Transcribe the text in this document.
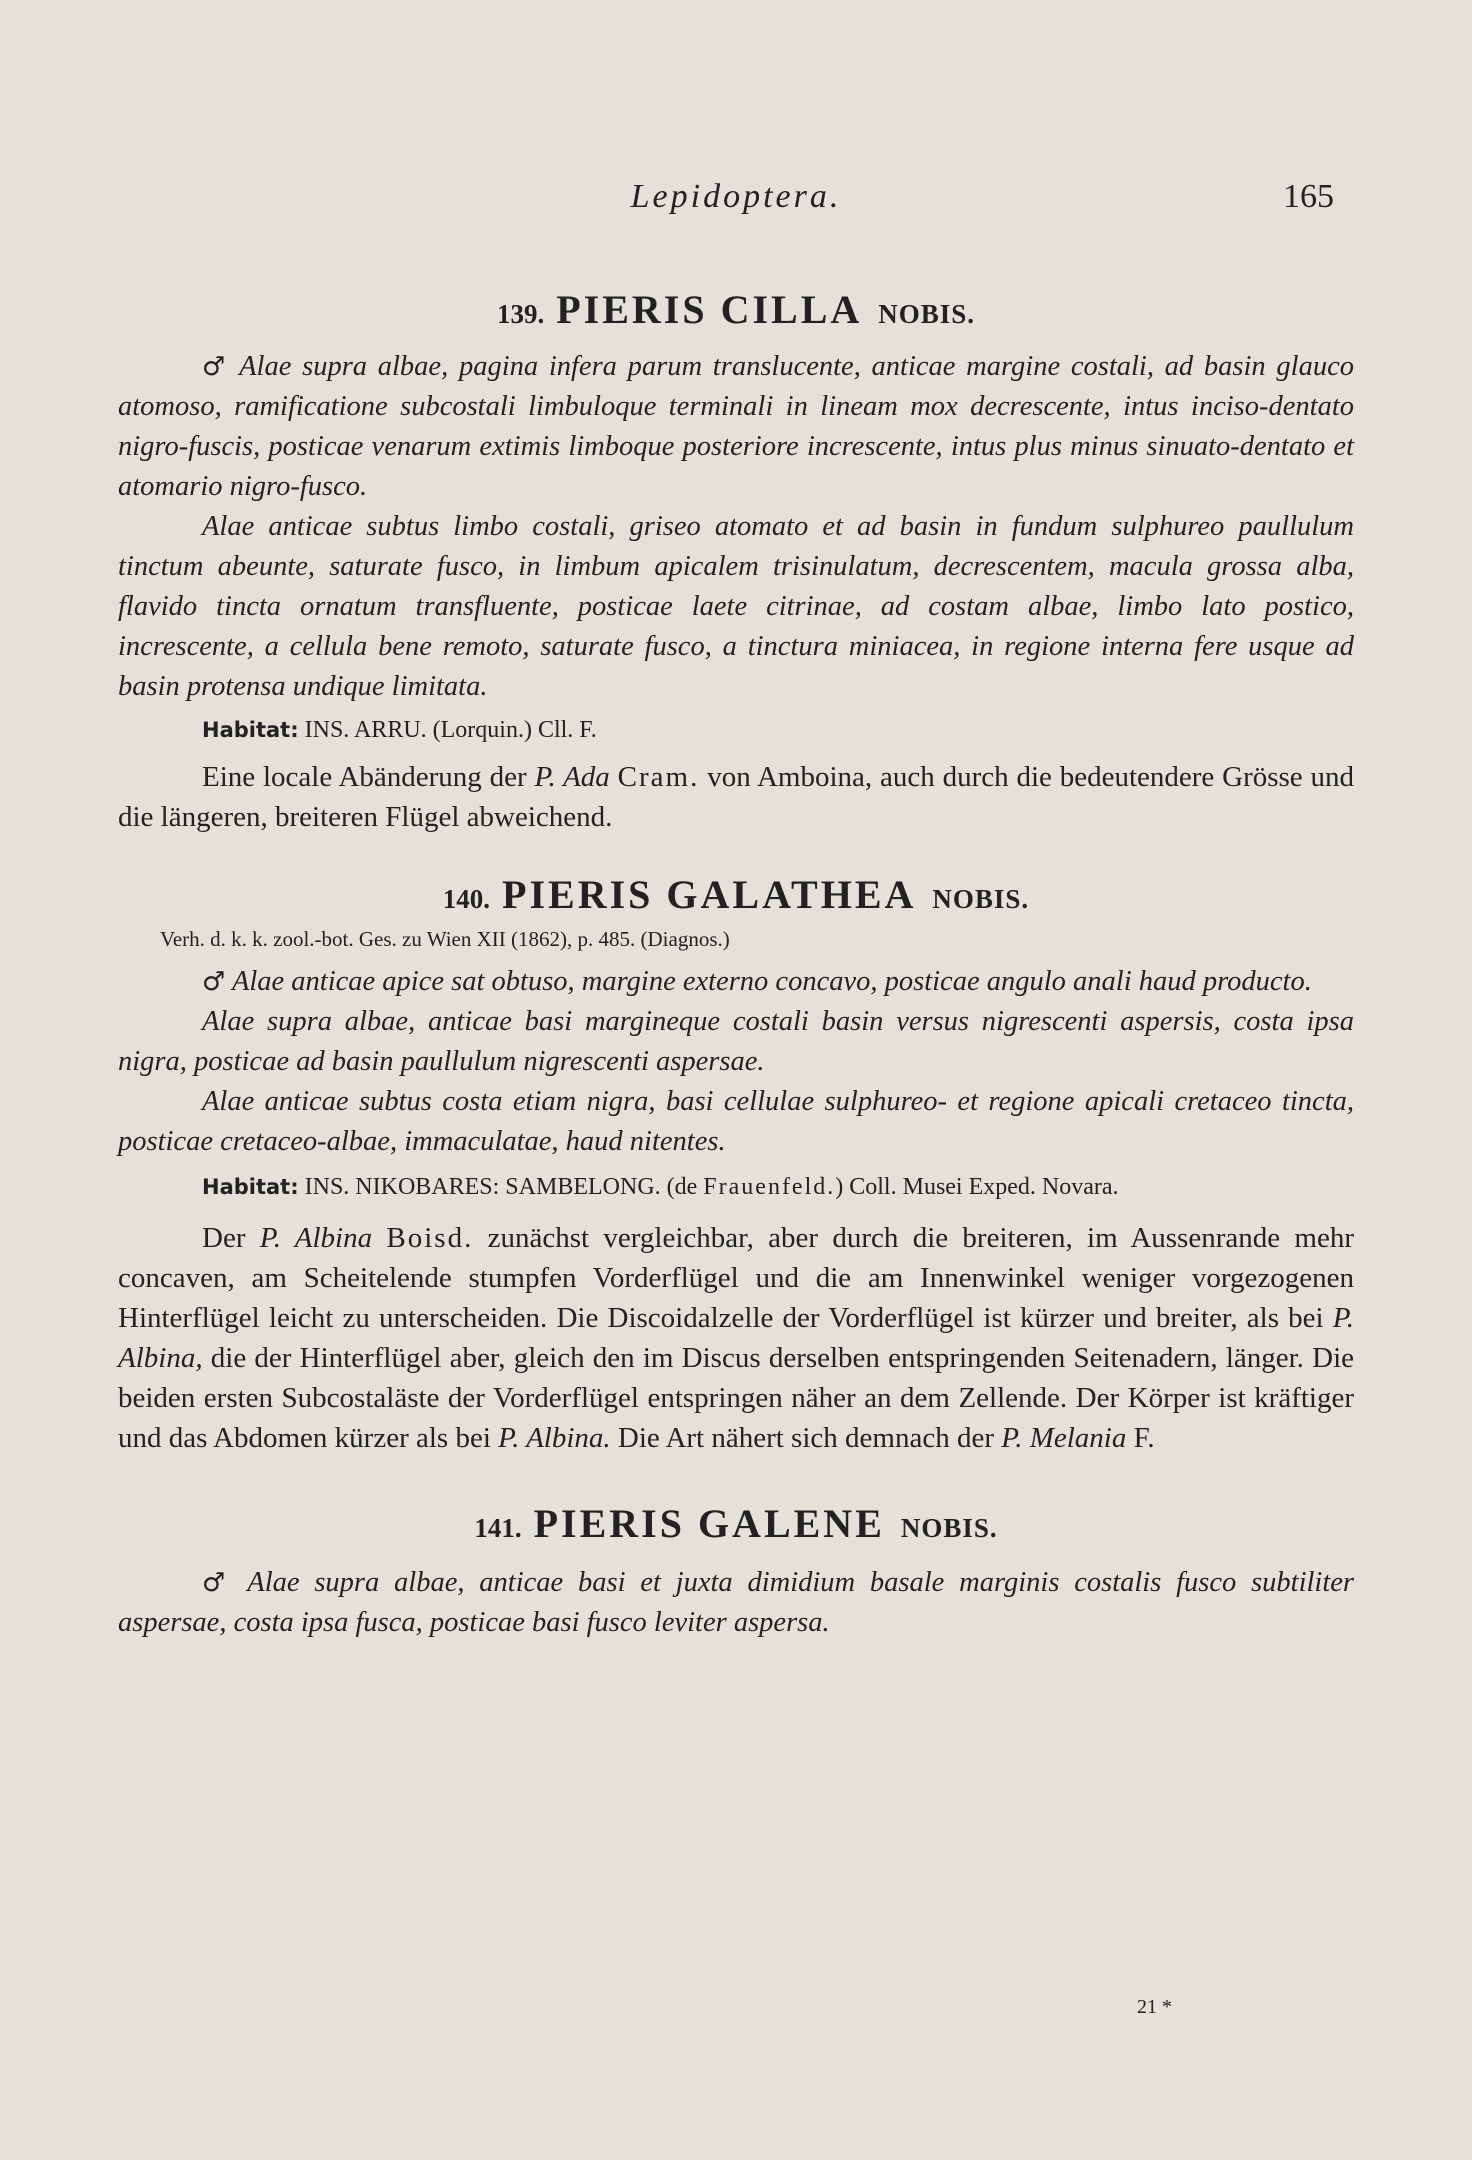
Lepidoptera.	165
139. PIERIS CILLA NOBIS.

♂ Alae supra albae, pagina infera parum translucente, anticae margine costali, ad basin glauco atomoso, ramificatione subcostali limbuloque terminali in lineam mox decrescente, intus inciso-dentato nigro-fuscis, posticae venarum extimis limboque posteriore increscente, intus plus minus sinuato-dentato et atomario nigro-fusco.

Alae anticae subtus limbo costali, griseo atomato et ad basin in fundum sulphureo paullulum tinctum abeunte, saturate fusco, in limbum apicalem trisinulatum, decrescentem, macula grossa alba, flavido tincta ornatum transfluente, posticae laete citrinae, ad costam albae, limbo lato postico, increscente, a cellula bene remoto, saturate fusco, a tinctura miniacea, in regione interna fere usque ad basin protensa undique limitata.

Habitat: INS. ARRU. (Lorquin.) Cll. F.

Eine locale Abänderung der P. Ada Cram. von Amboina, auch durch die bedeutendere Grösse und die längeren, breiteren Flügel abweichend.

140. PIERIS GALATHEA NOBIS.

Verh. d. k. k. zool.-bot. Ges. zu Wien XII (1862), p. 485. (Diagnos.)

♂ Alae anticae apice sat obtuso, margine externo concavo, posticae angulo anali haud producto.

Alae supra albae, anticae basi margineque costali basin versus nigrescenti aspersis, costa ipsa nigra, posticae ad basin paullulum nigrescenti aspersae.

Alae anticae subtus costa etiam nigra, basi cellulae sulphureo- et regione apicali cretaceo tincta, posticae cretaceo-albae, immaculatae, haud nitentes.

Habitat: INS. NIKOBARES: SAMBELONG. (de Frauenfeld.) Coll. Musei Exped. Novara.

Der P. Albina Boisd. zunächst vergleichbar, aber durch die breiteren, im Aussenrande mehr concaven, am Scheitelende stumpfen Vorderflügel und die am Innenwinkel weniger vorgezogenen Hinterflügel leicht zu unterscheiden. Die Discoidalzelle der Vorderflügel ist kürzer und breiter, als bei P. Albina, die der Hinterflügel aber, gleich den im Discus derselben entspringenden Seitenadern, länger. Die beiden ersten Subcostaläste der Vorderflügel entspringen näher an dem Zellende. Der Körper ist kräftiger und das Abdomen kürzer als bei P. Albina. Die Art nähert sich demnach der P. Melania F.

141. PIERIS GALENE NOBIS.

♂ Alae supra albae, anticae basi et juxta dimidium basale marginis costalis fusco subtiliter aspersae, costa ipsa fusca, posticae basi fusco leviter aspersa.

21 *
